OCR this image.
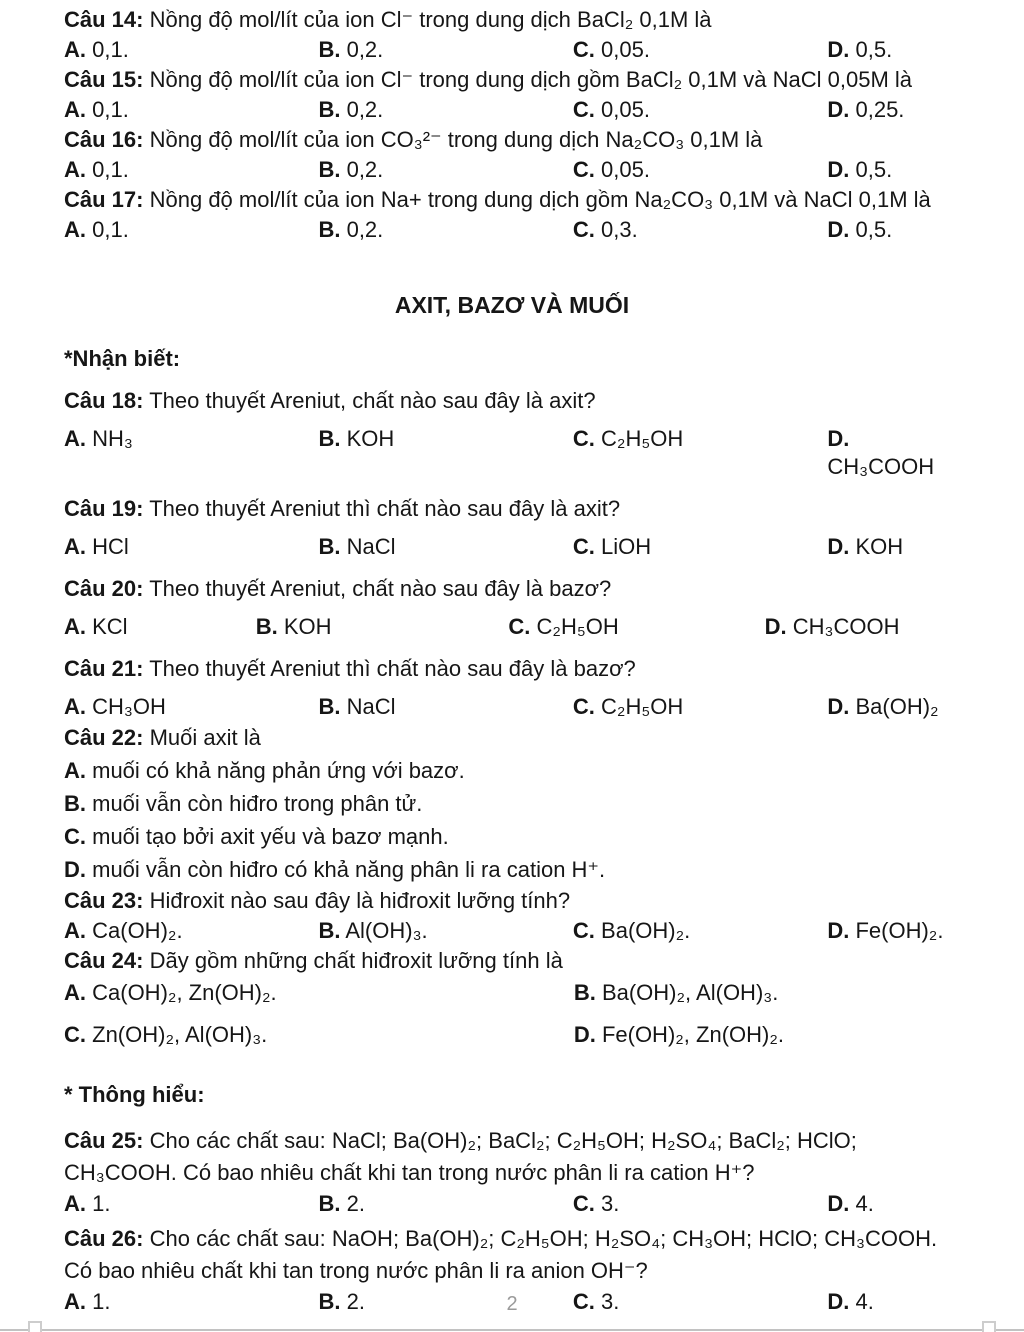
Câu 14: Nồng độ mol/lít của ion Cl⁻ trong dung dịch BaCl₂ 0,1M là
A. 0,1.	B. 0,2.	C. 0,05.	D. 0,5.
Câu 15: Nồng độ mol/lít của ion Cl⁻ trong dung dịch gồm BaCl₂ 0,1M và NaCl 0,05M là
A. 0,1.	B. 0,2.	C. 0,05.	D. 0,25.
Câu 16: Nồng độ mol/lít của ion CO₃²⁻ trong dung dịch Na₂CO₃ 0,1M là
A. 0,1.	B. 0,2.	C. 0,05.	D. 0,5.
Câu 17: Nồng độ mol/lít của ion Na+ trong dung dịch gồm Na₂CO₃ 0,1M và NaCl 0,1M là
A. 0,1.	B. 0,2.	C. 0,3.	D. 0,5.
AXIT, BAZƠ VÀ MUỐI
*Nhận biết:
Câu 18: Theo thuyết Areniut, chất nào sau đây là axit?
A. NH₃	B. KOH	C. C₂H₅OH	D. CH₃COOH
Câu 19: Theo thuyết Areniut thì chất nào sau đây là axit?
A. HCl	B. NaCl	C. LiOH	D. KOH
Câu 20: Theo thuyết Areniut, chất nào sau đây là bazơ?
A. KCl	B. KOH	C. C₂H₅OH	D. CH₃COOH
Câu 21: Theo thuyết Areniut thì chất nào sau đây là bazơ?
A. CH₃OH	B. NaCl	C. C₂H₅OH	D. Ba(OH)₂
Câu 22: Muối axit là
A. muối có khả năng phản ứng với bazơ.
B. muối vẫn còn hiđro trong phân tử.
C. muối tạo bởi axit yếu và bazơ mạnh.
D. muối vẫn còn hiđro có khả năng phân li ra cation H⁺.
Câu 23: Hiđroxit nào sau đây là hiđroxit lưỡng tính?
A. Ca(OH)₂.	B. Al(OH)₃.	C. Ba(OH)₂.	D. Fe(OH)₂.
Câu 24: Dãy gồm những chất hiđroxit lưỡng tính là
A. Ca(OH)₂, Zn(OH)₂.	B. Ba(OH)₂, Al(OH)₃.
C. Zn(OH)₂, Al(OH)₃.	D. Fe(OH)₂, Zn(OH)₂.
* Thông hiểu:
Câu 25: Cho các chất sau: NaCl; Ba(OH)₂; BaCl₂; C₂H₅OH; H₂SO₄; BaCl₂; HClO; CH₃COOH. Có bao nhiêu chất khi tan trong nước phân li ra cation H⁺?
A. 1.	B. 2.	C. 3.	D. 4.
Câu 26: Cho các chất sau: NaOH; Ba(OH)₂; C₂H₅OH; H₂SO₄; CH₃OH; HClO; CH₃COOH. Có bao nhiêu chất khi tan trong nước phân li ra anion OH⁻?
A. 1.	B. 2.	C. 3.	D. 4.
2
